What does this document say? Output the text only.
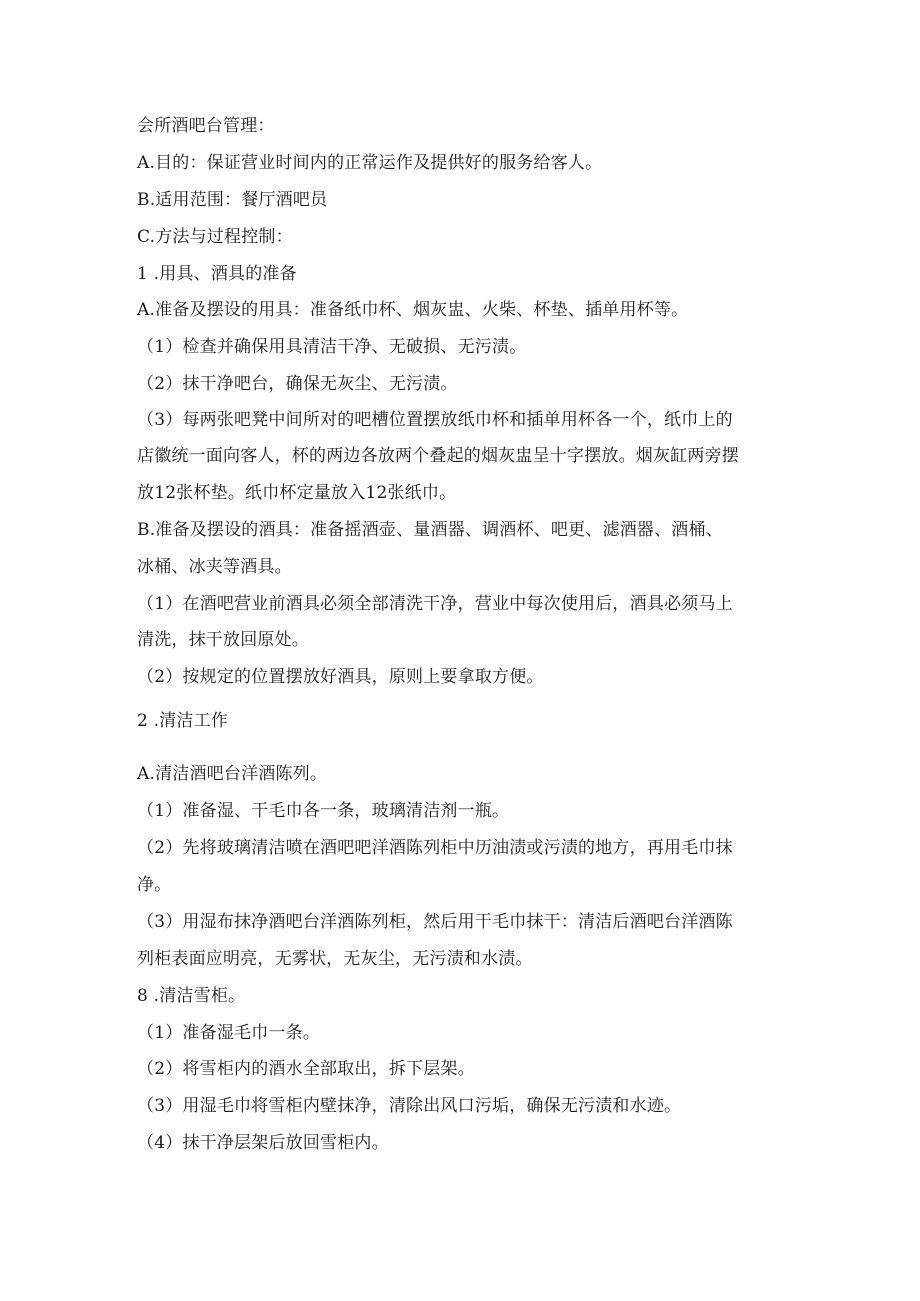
会所酒吧台管理：
A.目的：保证营业时间内的正常运作及提供好的服务给客人。
B.适用范围：餐厅酒吧员
C.方法与过程控制：
1 .用具、酒具的准备
A.准备及摆设的用具：准备纸巾杯、烟灰盅、火柴、杯垫、插单用杯等。
（1）检查并确保用具清洁干净、无破损、无污渍。
（2）抹干净吧台，确保无灰尘、无污渍。
（3）每两张吧凳中间所对的吧槽位置摆放纸巾杯和插单用杯各一个，纸巾上的
店徽统一面向客人，杯的两边各放两个叠起的烟灰盅呈十字摆放。烟灰缸两旁摆
放12张杯垫。纸巾杯定量放入12张纸巾。
B.准备及摆设的酒具：准备摇酒壶、量酒器、调酒杯、吧更、滤酒器、酒桶、
冰桶、冰夹等酒具。
（1）在酒吧营业前酒具必须全部清洗干净，营业中每次使用后，酒具必须马上
清洗，抹干放回原处。
（2）按规定的位置摆放好酒具，原则上要拿取方便。
2 .清洁工作
A.清洁酒吧台洋酒陈列。
（1）准备湿、干毛巾各一条，玻璃清洁剂一瓶。
（2）先将玻璃清洁喷在酒吧吧洋酒陈列柜中历油渍或污渍的地方，再用毛巾抹
净。
（3）用湿布抹净酒吧台洋酒陈列柜，然后用干毛巾抹干：清洁后酒吧台洋酒陈
列柜表面应明亮，无雾状，无灰尘，无污渍和水渍。
8 .清洁雪柜。
（1）准备湿毛巾一条。
（2）将雪柜内的酒水全部取出，拆下层架。
（3）用湿毛巾将雪柜内壁抹净，清除出风口污垢，确保无污渍和水迹。
（4）抹干净层架后放回雪柜内。
